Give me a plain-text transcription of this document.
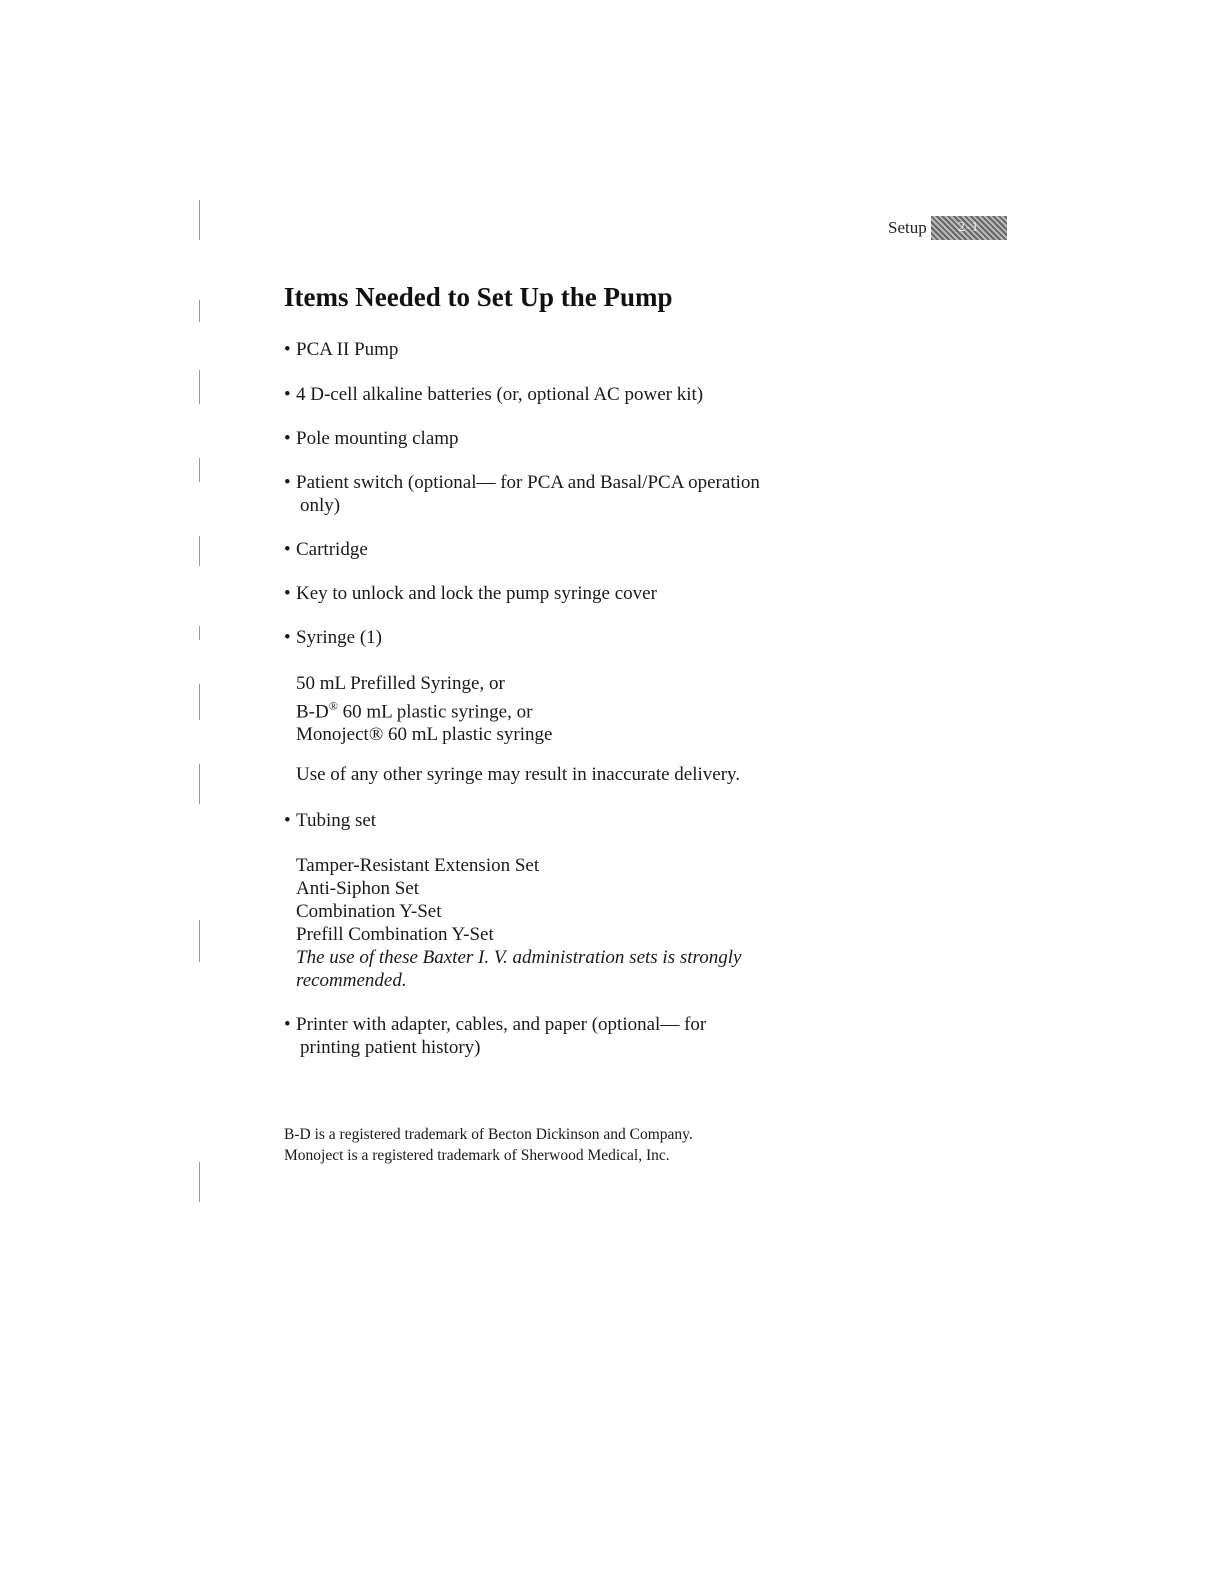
Setup 2-1
Items Needed to Set Up the Pump
• PCA II Pump
• 4 D-cell alkaline batteries (or, optional AC power kit)
• Pole mounting clamp
• Patient switch (optional— for PCA and Basal/PCA operation
only)
• Cartridge
• Key to unlock and lock the pump syringe cover
• Syringe (1)
50 mL Prefilled Syringe, or
B-D® 60 mL plastic syringe, or
Monoject® 60 mL plastic syringe
Use of any other syringe may result in inaccurate delivery.
• Tubing set
Tamper-Resistant Extension Set
Anti-Siphon Set
Combination Y-Set
Prefill Combination Y-Set
The use of these Baxter I. V. administration sets is strongly
recommended.
• Printer with adapter, cables, and paper (optional— for
printing patient history)
B-D is a registered trademark of Becton Dickinson and Company.
Monoject is a registered trademark of Sherwood Medical, Inc.
